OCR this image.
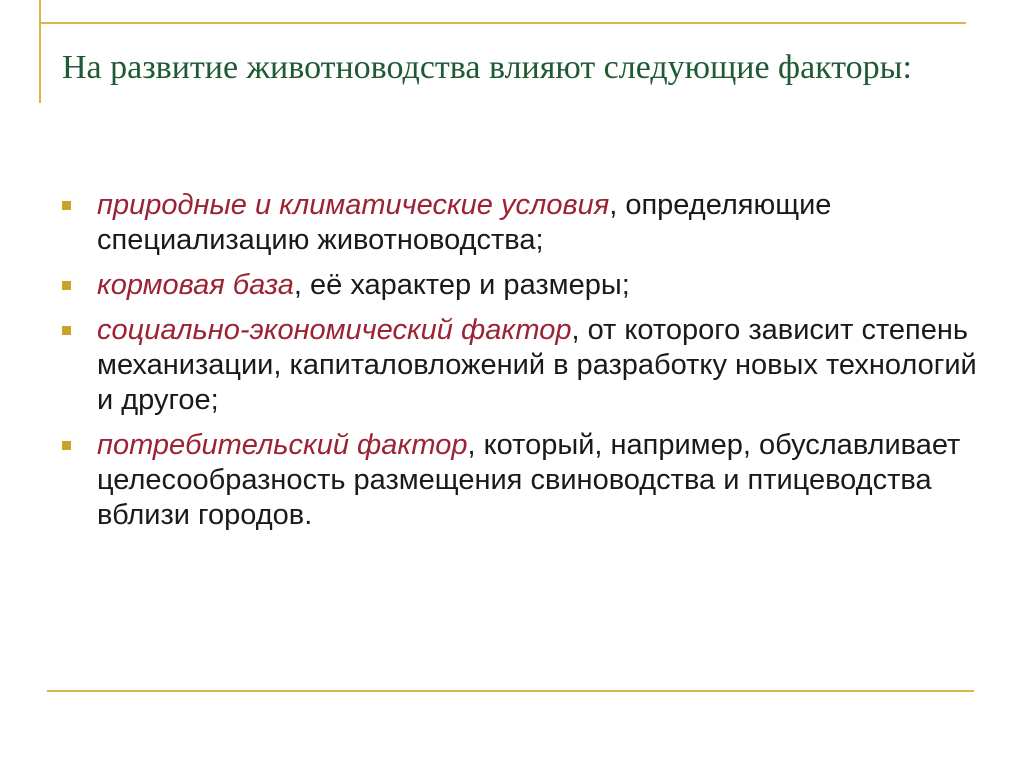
На развитие животноводства влияют следующие факторы:
природные и климатические условия, определяющие специализацию животноводства;
кормовая база, её характер и размеры;
социально-экономический фактор, от которого зависит степень механизации, капиталовложений в разработку новых технологий и другое;
потребительский фактор, который, например, обуславливает целесообразность размещения свиноводства и птицеводства вблизи городов.
